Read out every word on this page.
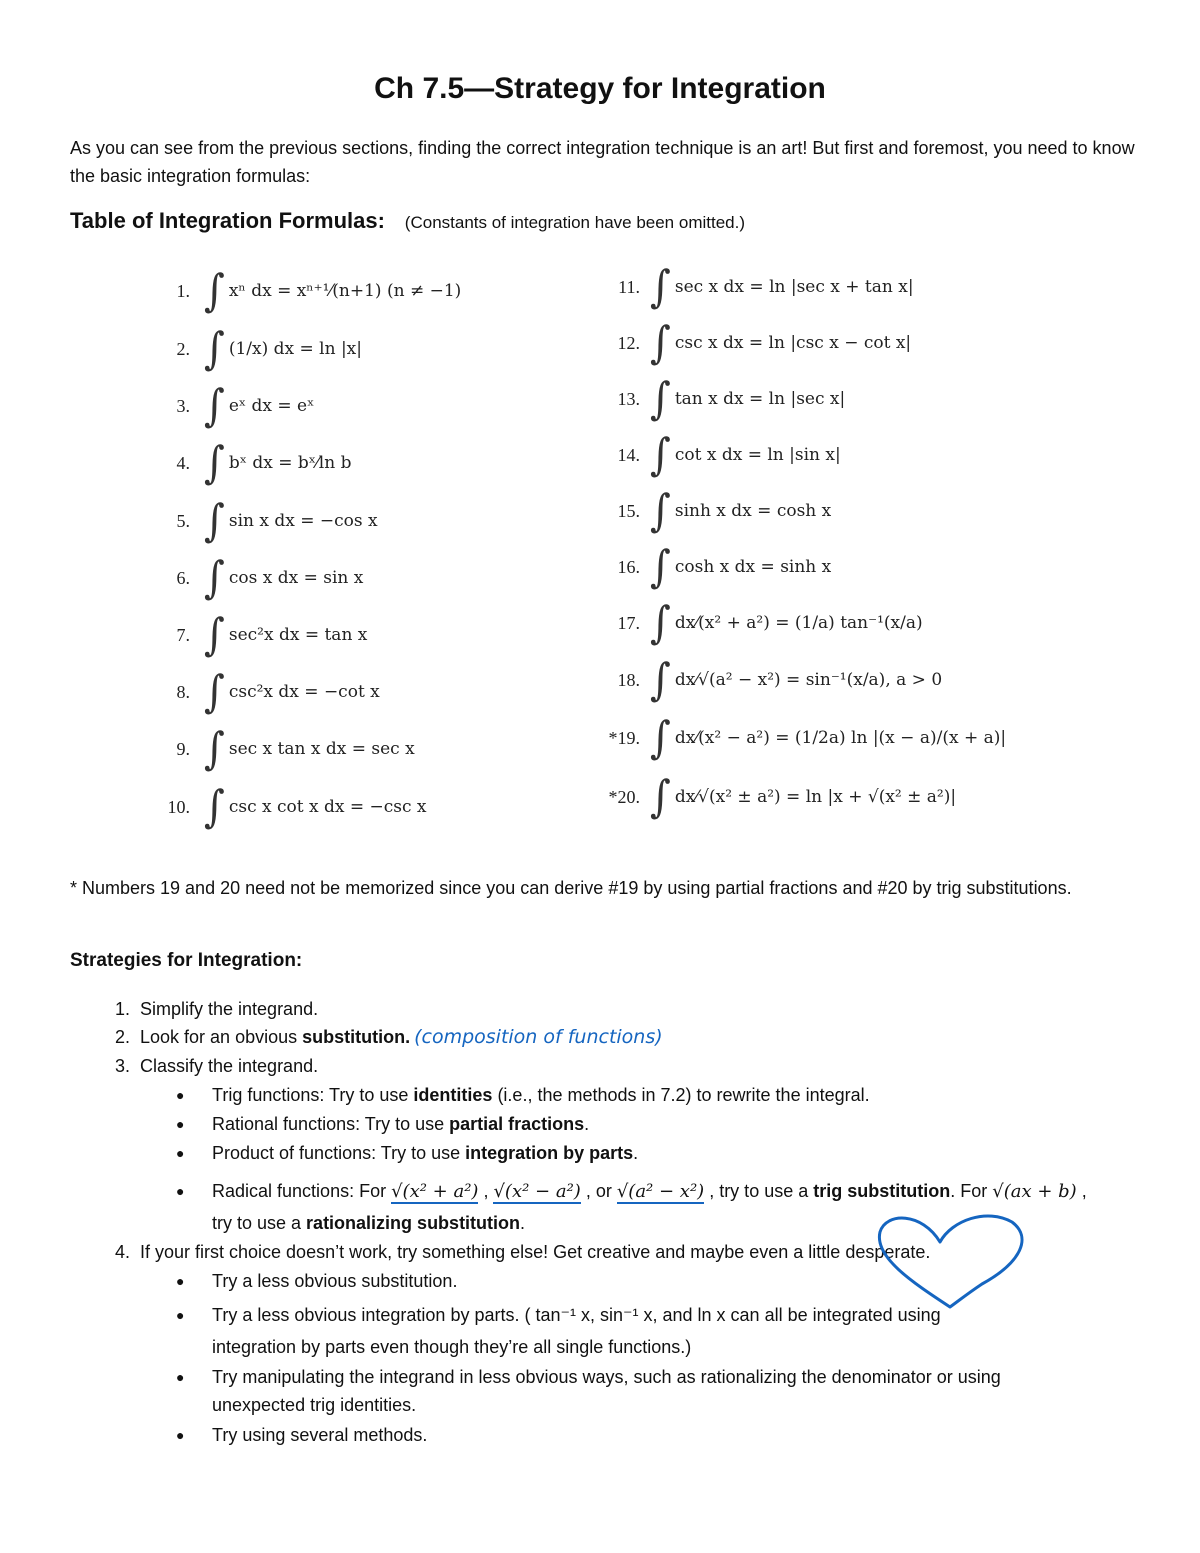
Ch 7.5—Strategy for Integration
As you can see from the previous sections, finding the correct integration technique is an art! But first and foremost, you need to know the basic integration formulas:
Table of Integration Formulas: (Constants of integration have been omitted.)
1. ∫ xⁿ dx = xⁿ⁺¹⁄(n+1) (n ≠ −1)
2. ∫ (1/x) dx = ln |x|
3. ∫ eˣ dx = eˣ
4. ∫ bˣ dx = bˣ⁄ln b
5. ∫ sin x dx = −cos x
6. ∫ cos x dx = sin x
7. ∫ sec²x dx = tan x
8. ∫ csc²x dx = −cot x
9. ∫ sec x tan x dx = sec x
10. ∫ csc x cot x dx = −csc x
11. ∫ sec x dx = ln |sec x + tan x|
12. ∫ csc x dx = ln |csc x − cot x|
13. ∫ tan x dx = ln |sec x|
14. ∫ cot x dx = ln |sin x|
15. ∫ sinh x dx = cosh x
16. ∫ cosh x dx = sinh x
17. ∫ dx⁄(x² + a²) = (1/a) tan⁻¹(x/a)
18. ∫ dx⁄√(a² − x²) = sin⁻¹(x/a), a > 0
*19. ∫ dx⁄(x² − a²) = (1/2a) ln |(x − a)/(x + a)|
*20. ∫ dx⁄√(x² ± a²) = ln |x + √(x² ± a²)|
* Numbers 19 and 20 need not be memorized since you can derive #19 by using partial fractions and #20 by trig substitutions.
Strategies for Integration:
1. Simplify the integrand.
2. Look for an obvious substitution. (composition of functions)
3. Classify the integrand.
● Trig functions: Try to use identities (i.e., the methods in 7.2) to rewrite the integral.
● Rational functions: Try to use partial fractions.
● Product of functions: Try to use integration by parts.
● Radical functions: For √(x² + a²) , √(x² − a²) , or √(a² − x²) , try to use a trig substitution. For √(ax + b) ,
try to use a rationalizing substitution.
4. If your first choice doesn’t work, try something else! Get creative and maybe even a little desperate.
● Try a less obvious substitution.
● Try a less obvious integration by parts. ( tan⁻¹ x, sin⁻¹ x, and ln x can all be integrated using
integration by parts even though they’re all single functions.)
● Try manipulating the integrand in less obvious ways, such as rationalizing the denominator or using
unexpected trig identities.
● Try using several methods.
